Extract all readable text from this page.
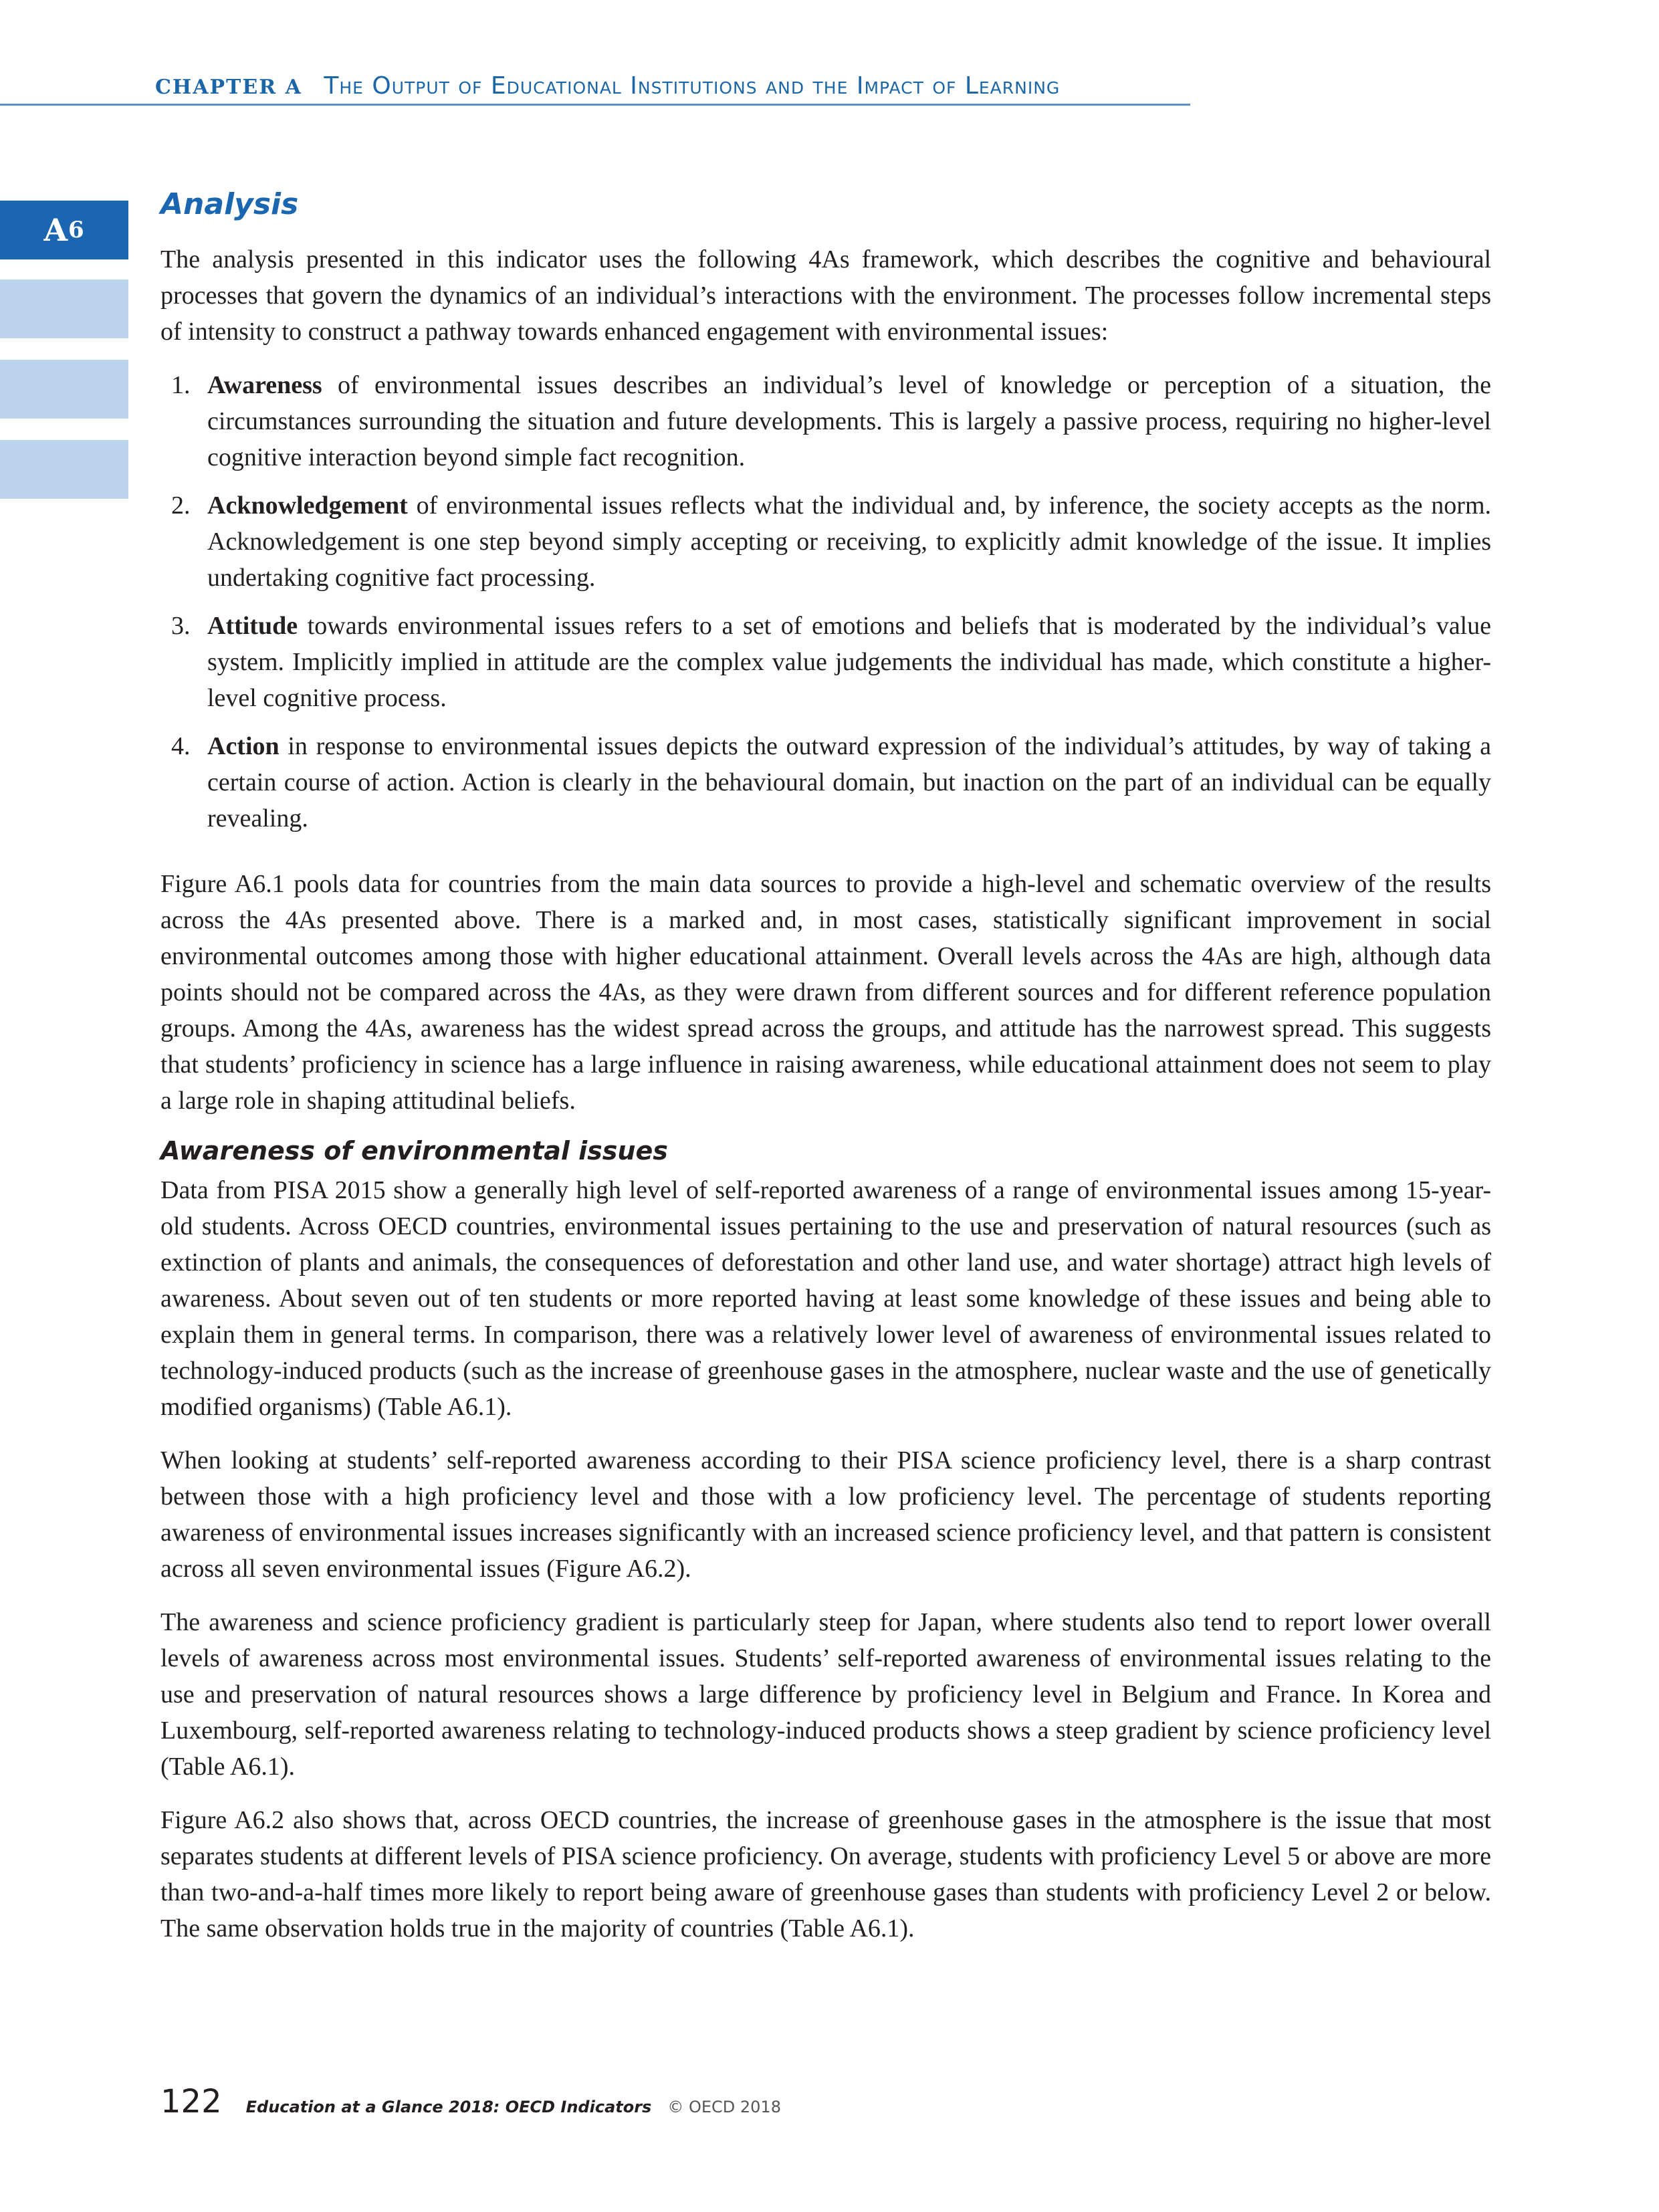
CHAPTER A The Output of Educational Institutions and the Impact of Learning
A 6
Analysis

The analysis presented in this indicator uses the following 4As framework, which describes the cognitive and behavioural processes that govern the dynamics of an individual’s interactions with the environment. The processes follow incremental steps of intensity to construct a pathway towards enhanced engagement with environmental issues:

1. Awareness of environmental issues describes an individual’s level of knowledge or perception of a situation, the circumstances surrounding the situation and future developments. This is largely a passive process, requiring no higher-level cognitive interaction beyond simple fact recognition.
2. Acknowledgement of environmental issues reflects what the individual and, by inference, the society accepts as the norm. Acknowledgement is one step beyond simply accepting or receiving, to explicitly admit knowledge of the issue. It implies undertaking cognitive fact processing.
3. Attitude towards environmental issues refers to a set of emotions and beliefs that is moderated by the individual’s value system. Implicitly implied in attitude are the complex value judgements the individual has made, which constitute a higher-level cognitive process.
4. Action in response to environmental issues depicts the outward expression of the individual’s attitudes, by way of taking a certain course of action. Action is clearly in the behavioural domain, but inaction on the part of an individual can be equally revealing.

Figure A6.1 pools data for countries from the main data sources to provide a high-level and schematic overview of the results across the 4As presented above. There is a marked and, in most cases, statistically significant improvement in social environmental outcomes among those with higher educational attainment. Overall levels across the 4As are high, although data points should not be compared across the 4As, as they were drawn from different sources and for different reference population groups. Among the 4As, awareness has the widest spread across the groups, and attitude has the narrowest spread. This suggests that students’ proficiency in science has a large influence in raising awareness, while educational attainment does not seem to play a large role in shaping attitudinal beliefs.

Awareness of environmental issues

Data from PISA 2015 show a generally high level of self-reported awareness of a range of environmental issues among 15-year-old students. Across OECD countries, environmental issues pertaining to the use and preservation of natural resources (such as extinction of plants and animals, the consequences of deforestation and other land use, and water shortage) attract high levels of awareness. About seven out of ten students or more reported having at least some knowledge of these issues and being able to explain them in general terms. In comparison, there was a relatively lower level of awareness of environmental issues related to technology-induced products (such as the increase of greenhouse gases in the atmosphere, nuclear waste and the use of genetically modified organisms) (Table A6.1).

When looking at students’ self-reported awareness according to their PISA science proficiency level, there is a sharp contrast between those with a high proficiency level and those with a low proficiency level. The percentage of students reporting awareness of environmental issues increases significantly with an increased science proficiency level, and that pattern is consistent across all seven environmental issues (Figure A6.2).

The awareness and science proficiency gradient is particularly steep for Japan, where students also tend to report lower overall levels of awareness across most environmental issues. Students’ self-reported awareness of environmental issues relating to the use and preservation of natural resources shows a large difference by proficiency level in Belgium and France. In Korea and Luxembourg, self-reported awareness relating to technology-induced products shows a steep gradient by science proficiency level (Table A6.1).

Figure A6.2 also shows that, across OECD countries, the increase of greenhouse gases in the atmosphere is the issue that most separates students at different levels of PISA science proficiency. On average, students with proficiency Level 5 or above are more than two-and-a-half times more likely to report being aware of greenhouse gases than students with proficiency Level 2 or below. The same observation holds true in the majority of countries (Table A6.1).

122 Education at a Glance 2018: OECD Indicators © OECD 2018
